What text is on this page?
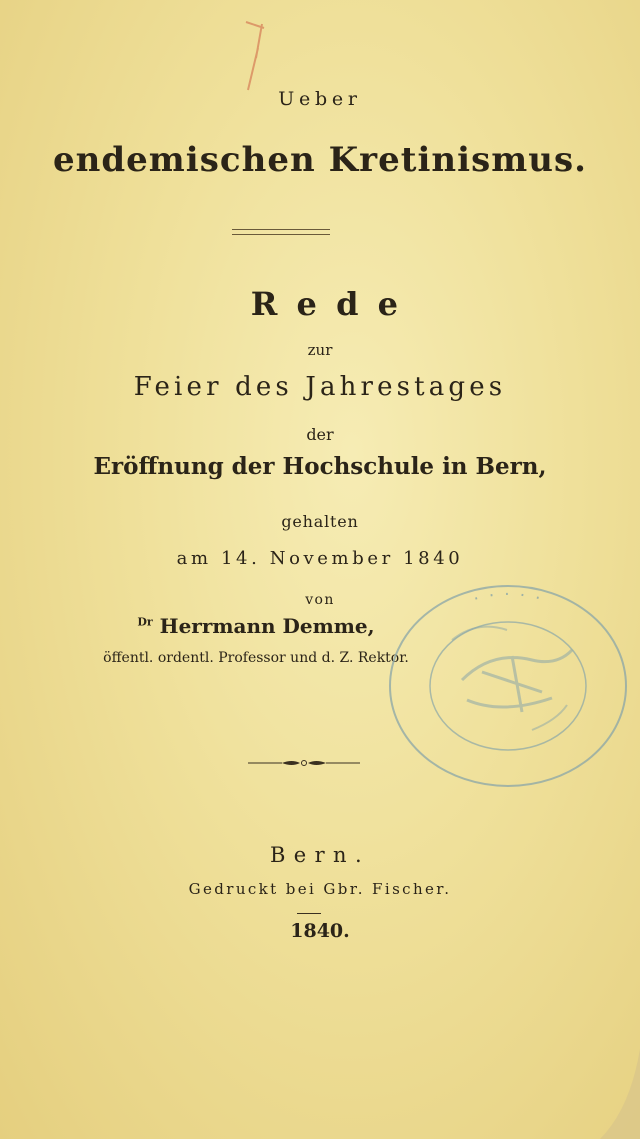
Ueber
endemischen Kretinismus.
Rede
zur
Feier des Jahrestages
der
Eröffnung der Hochschule in Bern,
gehalten
am 14. November 1840
von
$^{Dr}$ Herrmann Demme,
öffentl. ordentl. Professor und d. Z. Rektor.
Bern.
Gedruckt bei Gbr. Fischer.
1840.
· · · · ·
